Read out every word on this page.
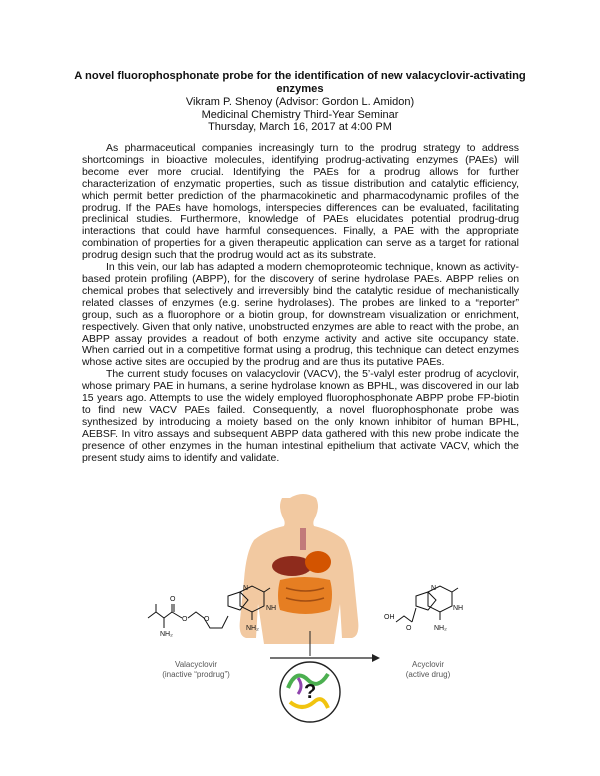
A novel fluorophosphonate probe for the identification of new valacyclovir-activating enzymes

Vikram P. Shenoy (Advisor: Gordon L. Amidon)

Medicinal Chemistry Third-Year Seminar

Thursday, March 16, 2017 at 4:00 PM

As pharmaceutical companies increasingly turn to the prodrug strategy to address shortcomings in bioactive molecules, identifying prodrug-activating enzymes (PAEs) will become ever more crucial. Identifying the PAEs for a prodrug allows for further characterization of enzymatic properties, such as tissue distribution and catalytic efficiency, which permit better prediction of the pharmacokinetic and pharmacodynamic profiles of the prodrug. If the PAEs have homologs, interspecies differences can be evaluated, facilitating preclinical studies. Furthermore, knowledge of PAEs elucidates potential prodrug-drug interactions that could have harmful consequences. Finally, a PAE with the appropriate combination of properties for a given therapeutic application can serve as a target for rational prodrug design such that the prodrug would act as its substrate.

In this vein, our lab has adapted a modern chemoproteomic technique, known as activity-based protein profiling (ABPP), for the discovery of serine hydrolase PAEs. ABPP relies on chemical probes that selectively and irreversibly bind the catalytic residue of mechanistically related classes of enzymes (e.g. serine hydrolases). The probes are linked to a “reporter” group, such as a fluorophore or a biotin group, for downstream visualization or enrichment, respectively. Given that only native, unobstructed enzymes are able to react with the probe, an ABPP assay provides a readout of both enzyme activity and active site occupancy state. When carried out in a competitive format using a prodrug, this technique can detect enzymes whose active sites are occupied by the prodrug and are thus its putative PAEs.

The current study focuses on valacyclovir (VACV), the 5’-valyl ester prodrug of acyclovir, whose primary PAE in humans, a serine hydrolase known as BPHL, was discovered in our lab 15 years ago. Attempts to use the widely employed fluorophosphonate ABPP probe FP-biotin to find new VACV PAEs failed. Consequently, a novel fluorophosphonate probe was synthesized by introducing a moiety based on the only known inhibitor of human BPHL, AEBSF. In vitro assays and subsequent ABPP data gathered with this new probe indicate the presence of other enzymes in the human intestinal epithelium that activate VACV, which the present study aims to identify and validate.

?
O
O
NH₂
O
N
NH
NH₂
OH
O
N
NH
NH₂
Valacyclovir
(inactive “prodrug”)
Acyclovir
(active drug)
